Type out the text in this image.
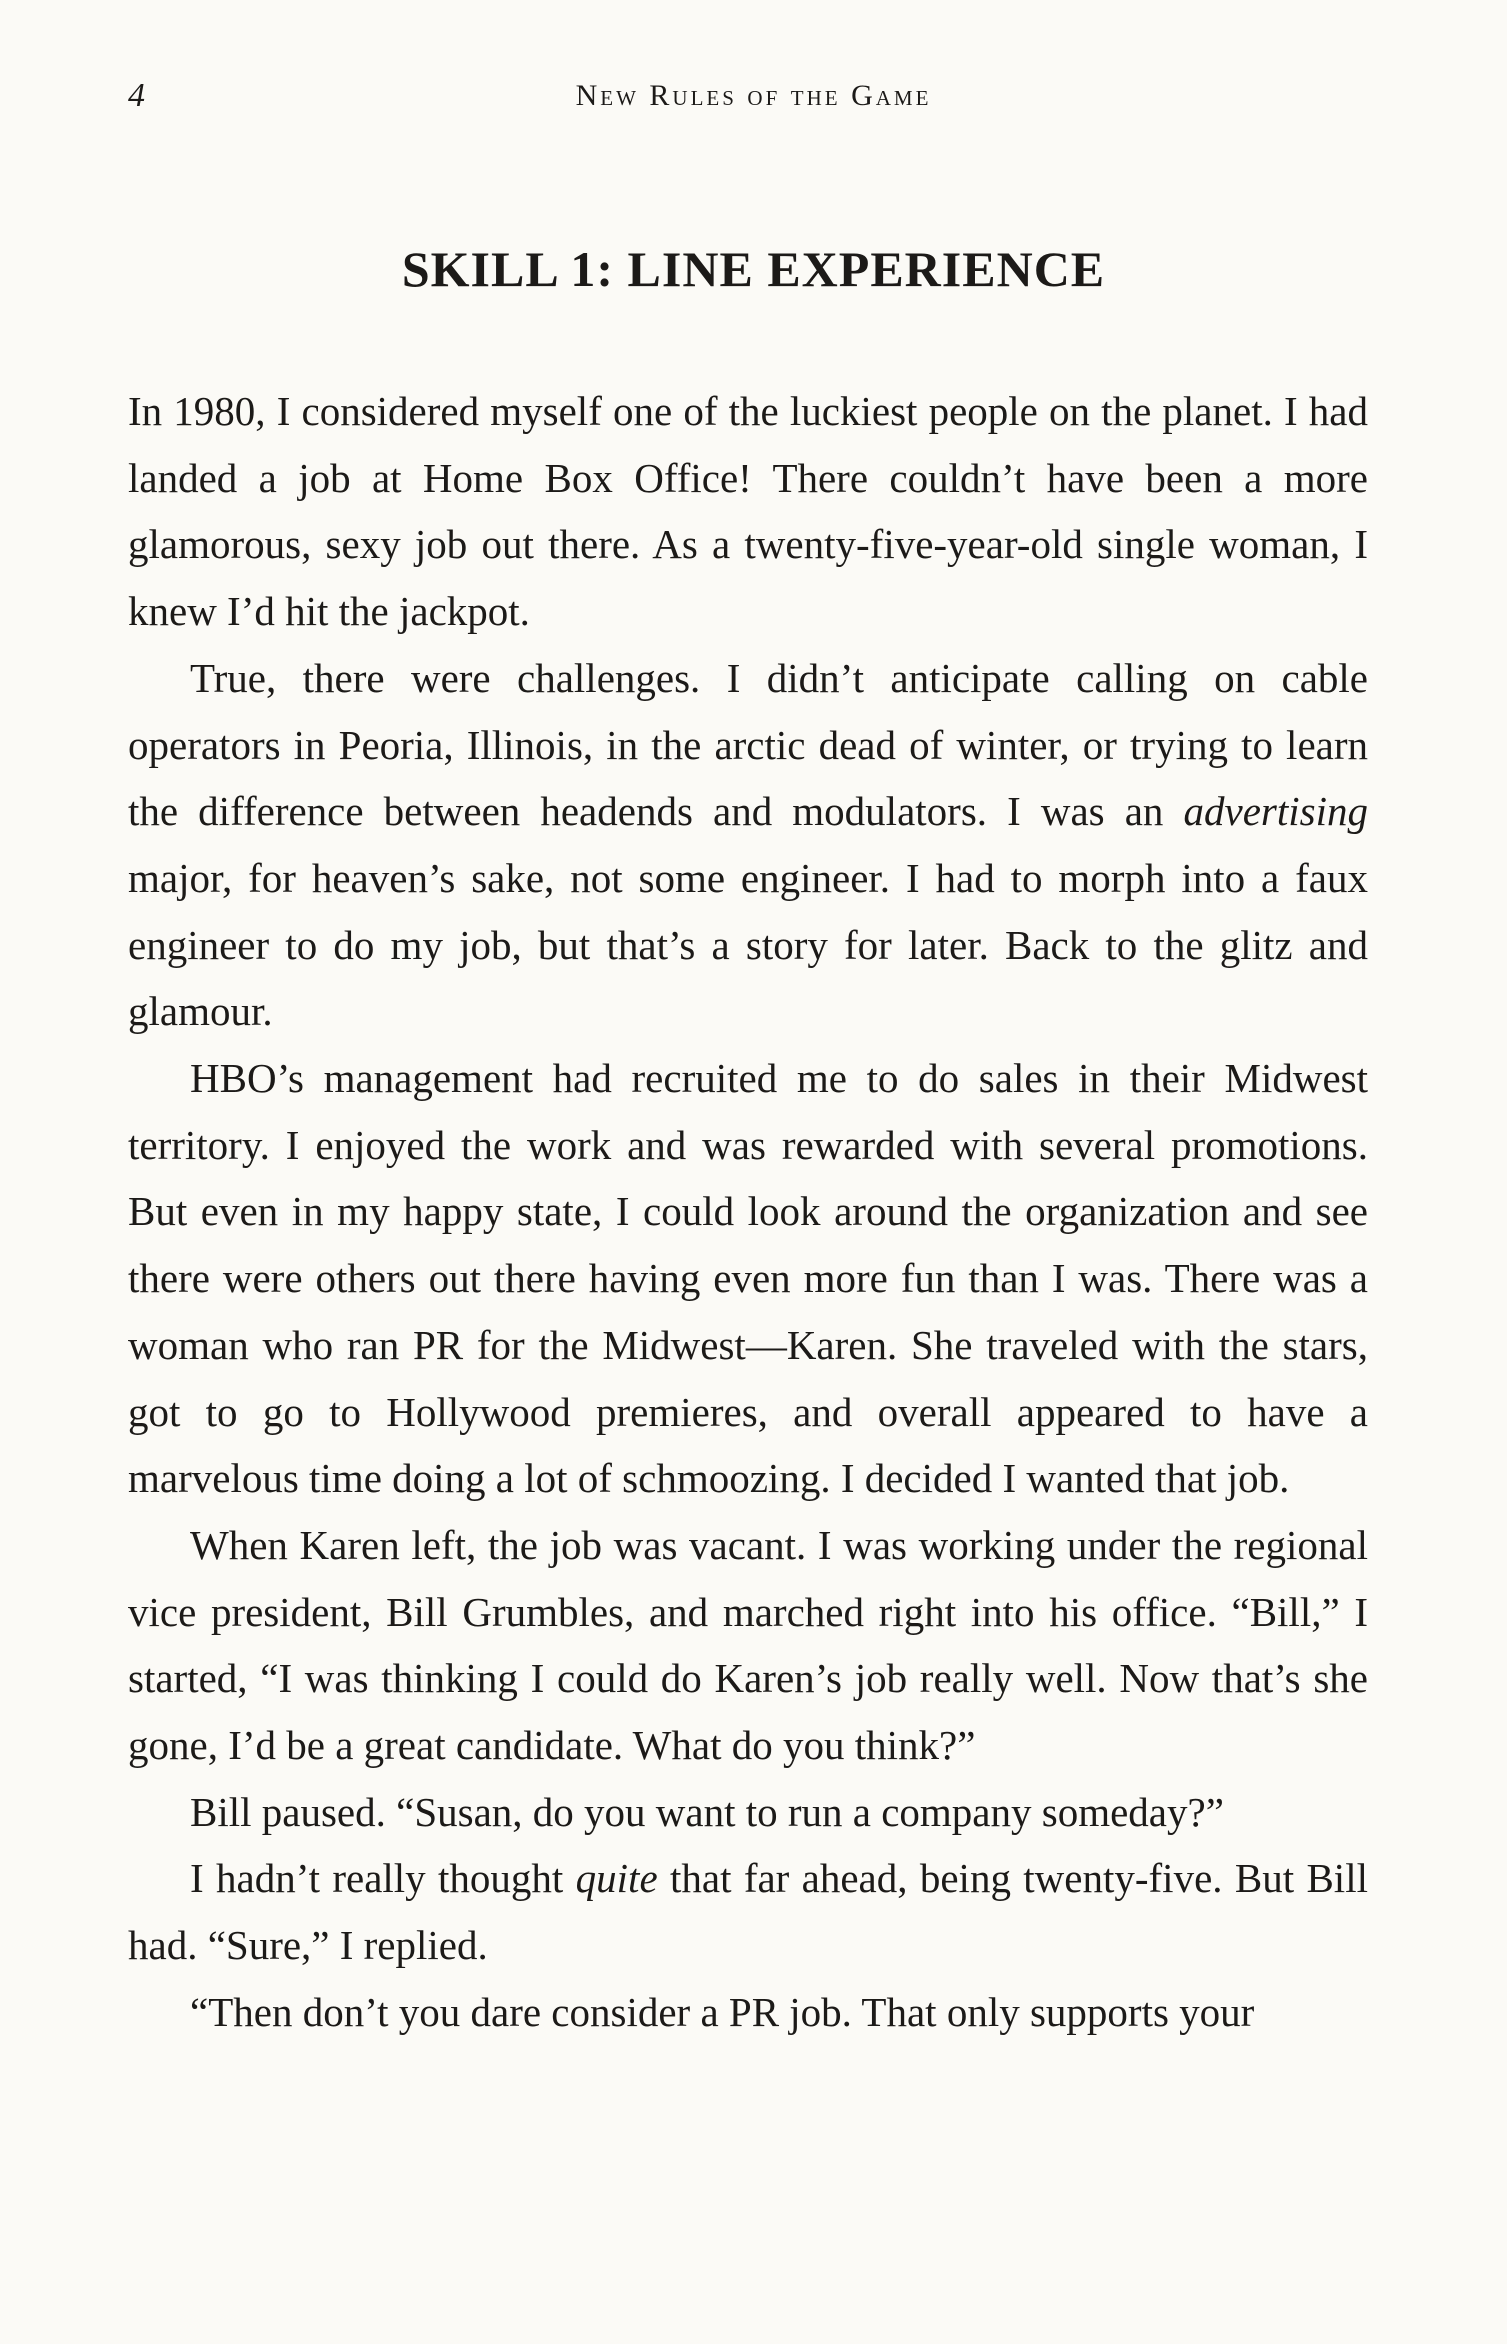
4	New Rules of the Game
SKILL 1: LINE EXPERIENCE

In 1980, I considered myself one of the luckiest people on the planet. I had landed a job at Home Box Office! There couldn’t have been a more glamorous, sexy job out there. As a twenty-five-year-old single woman, I knew I’d hit the jackpot.

True, there were challenges. I didn’t anticipate calling on cable operators in Peoria, Illinois, in the arctic dead of winter, or trying to learn the difference between headends and modulators. I was an advertising major, for heaven’s sake, not some engineer. I had to morph into a faux engineer to do my job, but that’s a story for later. Back to the glitz and glamour.

HBO’s management had recruited me to do sales in their Midwest territory. I enjoyed the work and was rewarded with several promotions. But even in my happy state, I could look around the organization and see there were others out there having even more fun than I was. There was a woman who ran PR for the Midwest—Karen. She traveled with the stars, got to go to Hollywood premieres, and overall appeared to have a marvelous time doing a lot of schmoozing. I decided I wanted that job.

When Karen left, the job was vacant. I was working under the regional vice president, Bill Grumbles, and marched right into his office. “Bill,” I started, “I was thinking I could do Karen’s job really well. Now that’s she gone, I’d be a great candidate. What do you think?”

Bill paused. “Susan, do you want to run a company someday?”

I hadn’t really thought quite that far ahead, being twenty-five. But Bill had. “Sure,” I replied.

“Then don’t you dare consider a PR job. That only supports your
